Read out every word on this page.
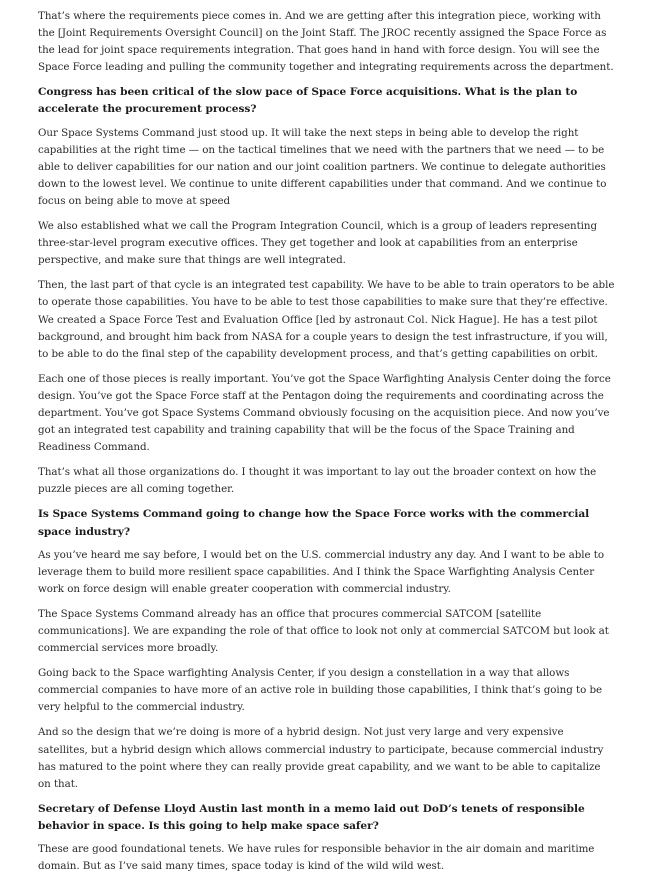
That’s where the requirements piece comes in. And we are getting after this integration piece, working with the [Joint Requirements Oversight Council] on the Joint Staff. The JROC recently assigned the Space Force as the lead for joint space requirements integration. That goes hand in hand with force design. You will see the Space Force leading and pulling the community together and integrating requirements across the department.

Congress has been critical of the slow pace of Space Force acquisitions. What is the plan to accelerate the procurement process?

Our Space Systems Command just stood up. It will take the next steps in being able to develop the right capabilities at the right time — on the tactical timelines that we need with the partners that we need — to be able to deliver capabilities for our nation and our joint coalition partners. We continue to delegate authorities down to the lowest level. We continue to unite different capabilities under that command. And we continue to focus on being able to move at speed

We also established what we call the Program Integration Council, which is a group of leaders representing three-star-level program executive offices. They get together and look at capabilities from an enterprise perspective, and make sure that things are well integrated.

Then, the last part of that cycle is an integrated test capability. We have to be able to train operators to be able to operate those capabilities. You have to be able to test those capabilities to make sure that they’re effective. We created a Space Force Test and Evaluation Office [led by astronaut Col. Nick Hague]. He has a test pilot background, and brought him back from NASA for a couple years to design the test infrastructure, if you will, to be able to do the final step of the capability development process, and that’s getting capabilities on orbit.

Each one of those pieces is really important. You’ve got the Space Warfighting Analysis Center doing the force design. You’ve got the Space Force staff at the Pentagon doing the requirements and coordinating across the department. You’ve got Space Systems Command obviously focusing on the acquisition piece. And now you’ve got an integrated test capability and training capability that will be the focus of the Space Training and Readiness Command.

That’s what all those organizations do. I thought it was important to lay out the broader context on how the puzzle pieces are all coming together.

Is Space Systems Command going to change how the Space Force works with the commercial space industry?

As you’ve heard me say before, I would bet on the U.S. commercial industry any day. And I want to be able to leverage them to build more resilient space capabilities. And I think the Space Warfighting Analysis Center work on force design will enable greater cooperation with commercial industry.

The Space Systems Command already has an office that procures commercial SATCOM [satellite communications]. We are expanding the role of that office to look not only at commercial SATCOM but look at commercial services more broadly.

Going back to the Space warfighting Analysis Center, if you design a constellation in a way that allows commercial companies to have more of an active role in building those capabilities, I think that’s going to be very helpful to the commercial industry.

And so the design that we’re doing is more of a hybrid design. Not just very large and very expensive satellites, but a hybrid design which allows commercial industry to participate, because commercial industry has matured to the point where they can really provide great capability, and we want to be able to capitalize on that.

Secretary of Defense Lloyd Austin last month in a memo laid out DoD’s tenets of responsible behavior in space. Is this going to help make space safer?

These are good foundational tenets. We have rules for responsible behavior in the air domain and maritime domain. But as I’ve said many times, space today is kind of the wild wild west.
